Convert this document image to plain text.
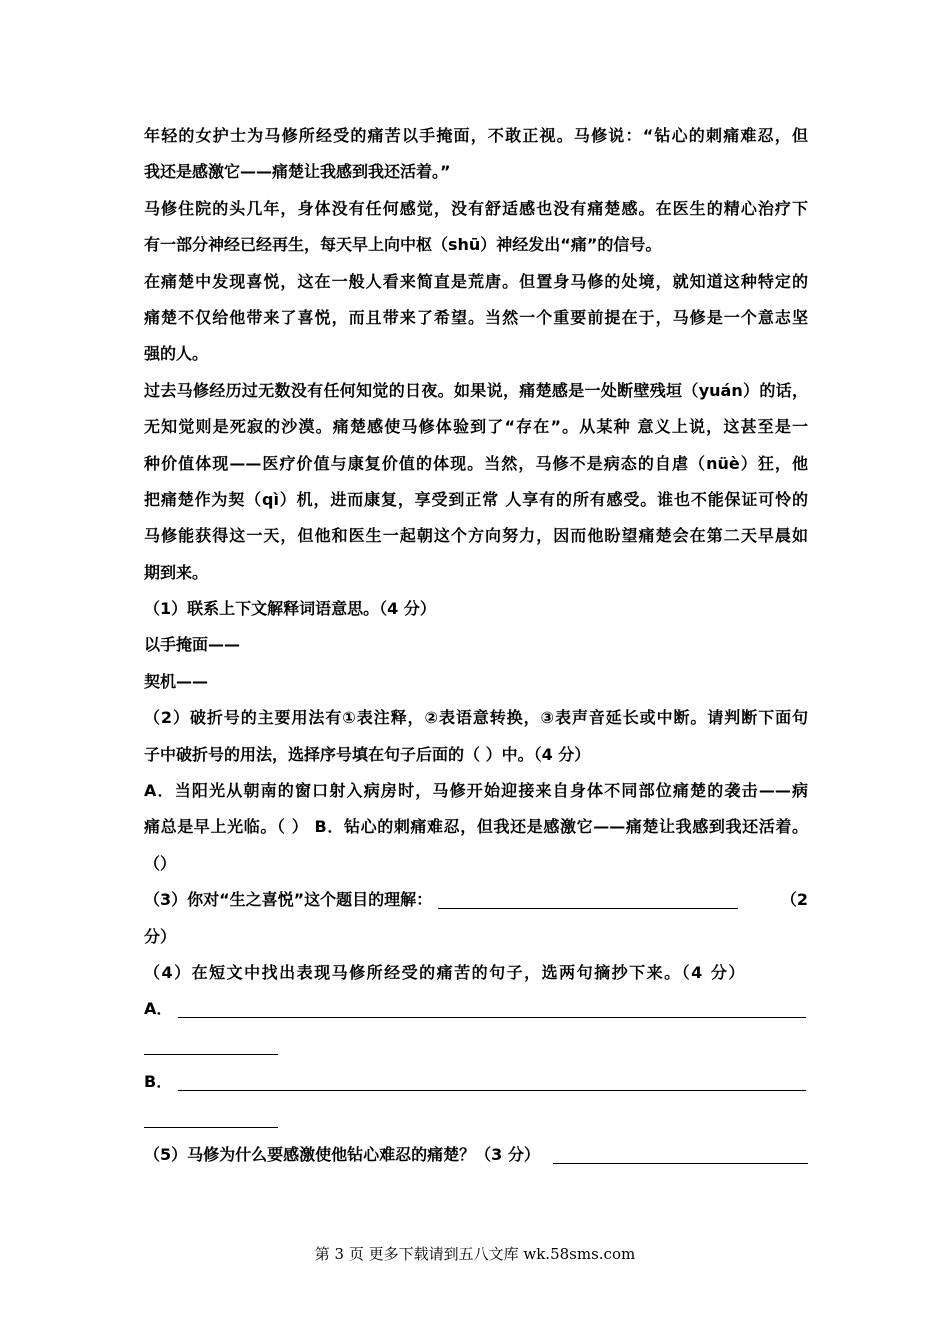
年轻的女护士为马修所经受的痛苦以手掩面，不敢正视。马修说：“钻心的刺痛难忍，但
我还是感激它——痛楚让我感到我还活着。”
马修住院的头几年，身体没有任何感觉，没有舒适感也没有痛楚感。在医生的精心治疗下
有一部分神经已经再生，每天早上向中枢（shū）神经发出“痛”的信号。
在痛楚中发现喜悦，这在一般人看来简直是荒唐。但置身马修的处境，就知道这种特定的
痛楚不仅给他带来了喜悦，而且带来了希望。当然一个重要前提在于，马修是一个意志坚
强的人。
过去马修经历过无数没有任何知觉的日夜。如果说，痛楚感是一处断壁残垣（yuán）的话，
无知觉则是死寂的沙漠。痛楚感使马修体验到了“存在”。从某种 意义上说，这甚至是一
种价值体现——医疗价值与康复价值的体现。当然，马修不是病态的自虐（nüè）狂，他
把痛楚作为契（qì）机，进而康复，享受到正常 人享有的所有感受。谁也不能保证可怜的
马修能获得这一天，但他和医生一起朝这个方向努力，因而他盼望痛楚会在第二天早晨如
期到来。
（1）联系上下文解释词语意思。（4 分）
以手掩面——
契机——
（2）破折号的主要用法有①表注释，②表语意转换，③表声音延长或中断。请判断下面句
子中破折号的用法，选择序号填在句子后面的（ ）中。（4 分）
A．当阳光从朝南的窗口射入病房时，马修开始迎接来自身体不同部位痛楚的袭击——病
痛总是早上光临。（ ） B．钻心的刺痛难忍，但我还是感激它——痛楚让我感到我还活着。
（）
（3）你对“生之喜悦”这个题目的理解：	（2
分）
（4）在短文中找出表现马修所经受的痛苦的句子，选两句摘抄下来。（4 分）
A．
B．
（5）马修为什么要感激使他钻心难忍的痛楚？（3 分）
第 3 页 更多下载请到五八文库 wk.58sms.com
